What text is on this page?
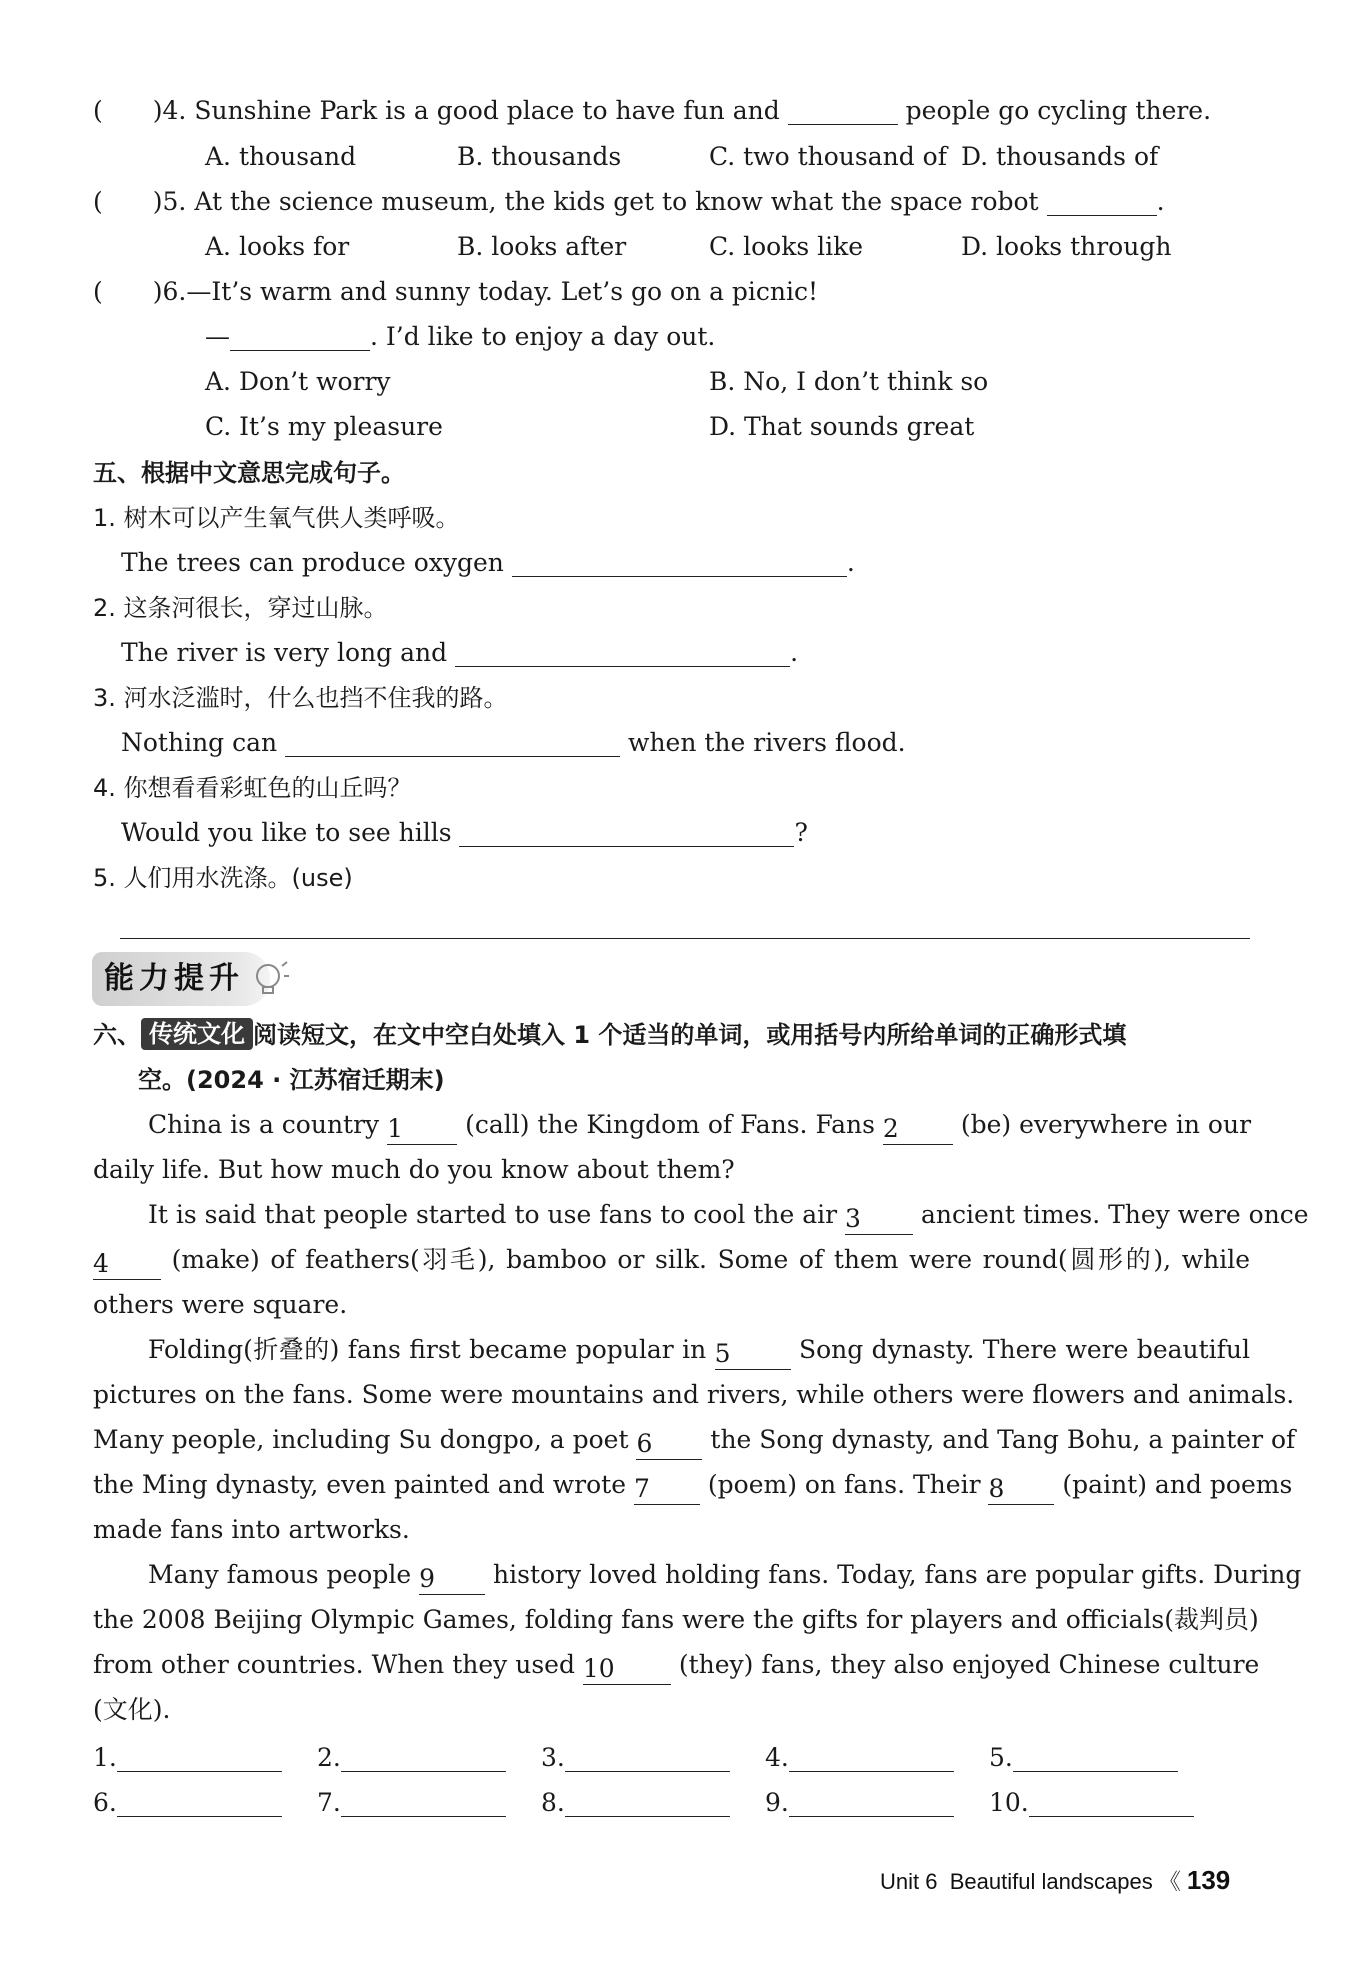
( )4. Sunshine Park is a good place to have fun and	people go cycling there.
A. thousand	B. thousands	C. two thousand of D. thousands of
( )5. At the science museum, the kids get to know what the space robot	.
A. looks for	B. looks after	C. looks like	D. looks through
( )6.—It’s warm and sunny today. Let’s go on a picnic!
—	. I’d like to enjoy a day out.
A. Don’t worry	B. No, I don’t think so
C. It’s my pleasure	D. That sounds great
五、根据中文意思完成句子。
1. 树木可以产生氧气供人类呼吸。
The trees can produce oxygen	.
2. 这条河很长，穿过山脉。
The river is very long and	.
3. 河水泛滥时，什么也挡不住我的路。
Nothing can	when the rivers flood.
4. 你想看看彩虹色的山丘吗？
Would you like to see hills	?
5. 人们用水洗涤。(use)
能力提升
六、 传统文化 阅读短文，在文中空白处填入 1 个适当的单词，或用括号内所给单词的正确形式填
空。(2024 · 江苏宿迁期末)
China is a country 1 (call) the Kingdom of Fans. Fans 2 (be) everywhere in our
daily life. But how much do you know about them?
It is said that people started to use fans to cool the air 3 ancient times. They were once
4	(make) of feathers(羽毛), bamboo or silk. Some of them were round(圆形的), while
others were square.
Folding(折叠的) fans first became popular in 5	Song dynasty. There were beautiful
pictures on the fans. Some were mountains and rivers, while others were flowers and animals.
Many people, including Su dongpo, a poet 6 the Song dynasty, and Tang Bohu, a painter of
the Ming dynasty, even painted and wrote 7 (poem) on fans. Their 8 (paint) and poems
made fans into artworks.
Many famous people 9 history loved holding fans. Today, fans are popular gifts. During
the 2008 Beijing Olympic Games, folding fans were the gifts for players and officials(裁判员)
from other countries. When they used 10	(they) fans, they also enjoyed Chinese culture
(文化).
1.	2.	3.	4.	5.
6.	7.	8.	9.	10.
Unit 6 Beautiful landscapes 《 139
